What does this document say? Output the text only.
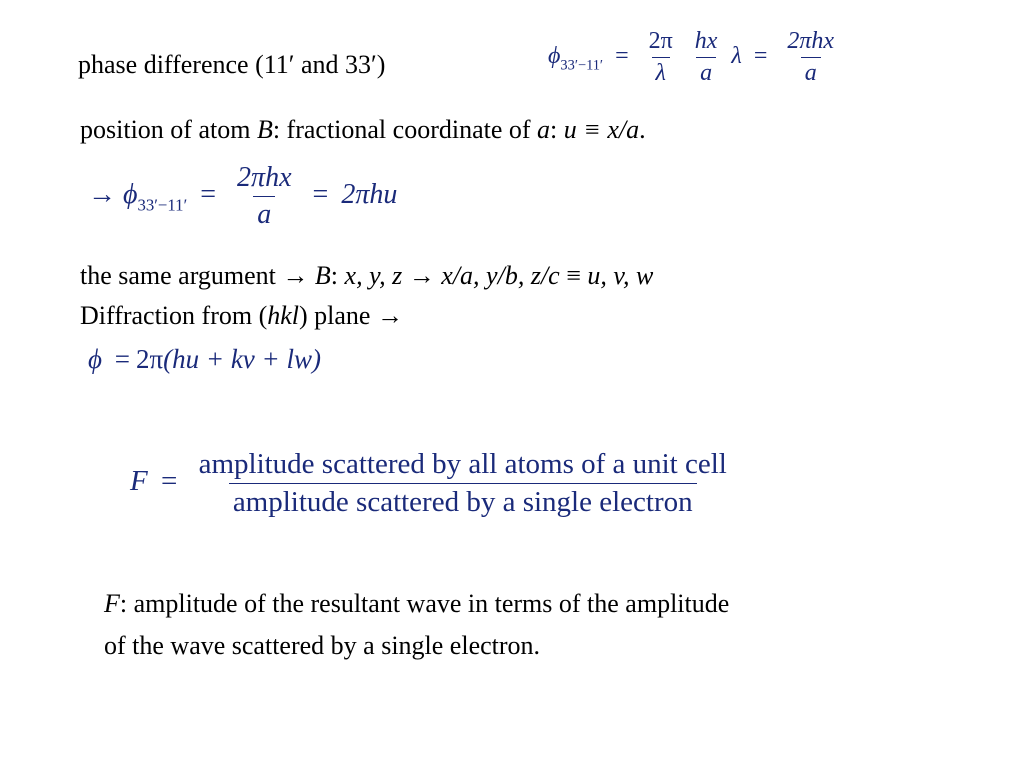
phase difference (11′ and 33′)	$\phi_{33'-11'} = \frac{2\pi}{\lambda}$
$\frac{hx}{a}$ $\lambda = \frac{\text{2πhx}}{a}$
position of atom B: fractional coordinate of a: u ≡ x/a.
→ $\phi_{33'-11'} = \frac{\text{2πhx}}{a} = 2\pi hu$
the same argument → B: x, y, z → x/a, y/b, z/c ≡ u, v, w
Diffraction from (hkl) plane →
ϕ = 2π(hu + kv + lw)
$F = \frac{\text{amplitude scattered by all atoms of a unit cell}}{\text{amplitude scattered by a single electron}}$
F: amplitude of the resultant wave in terms of the amplitude
of the wave scattered by a single electron.
